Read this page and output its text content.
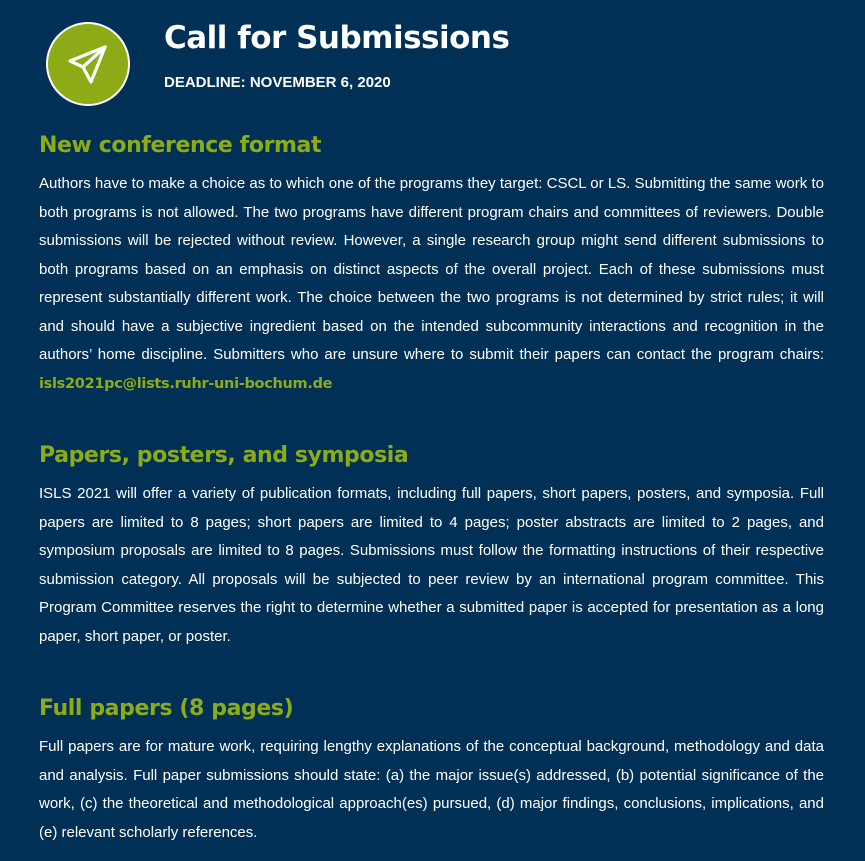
Call for Submissions
DEADLINE: NOVEMBER 6, 2020
New conference format

Authors have to make a choice as to which one of the programs they target: CSCL or LS. Submitting the same work to both programs is not allowed. The two programs have different program chairs and committees of reviewers. Double submissions will be rejected without review. However, a single research group might send different submissions to both programs based on an emphasis on distinct aspects of the overall project. Each of these submissions must represent substantially different work. The choice between the two programs is not determined by strict rules; it will and should have a subjective ingredient based on the intended subcommunity interactions and recognition in the authors’ home discipline. Submitters who are unsure where to submit their papers can contact the program chairs: isls2021pc@lists.ruhr-uni-bochum.de

Papers, posters, and symposia

ISLS 2021 will offer a variety of publication formats, including full papers, short papers, posters, and symposia. Full papers are limited to 8 pages; short papers are limited to 4 pages; poster abstracts are limited to 2 pages, and symposium proposals are limited to 8 pages. Submissions must follow the formatting instructions of their respective submission category. All proposals will be subjected to peer review by an international program committee. This Program Committee reserves the right to determine whether a submitted paper is accepted for presentation as a long paper, short paper, or poster.

Full papers (8 pages)

Full papers are for mature work, requiring lengthy explanations of the conceptual background, methodology and data and analysis. Full paper submissions should state: (a) the major issue(s) addressed, (b) potential significance of the work, (c) the theoretical and methodological approach(es) pursued, (d) major findings, conclusions, implications, and (e) relevant scholarly references.
